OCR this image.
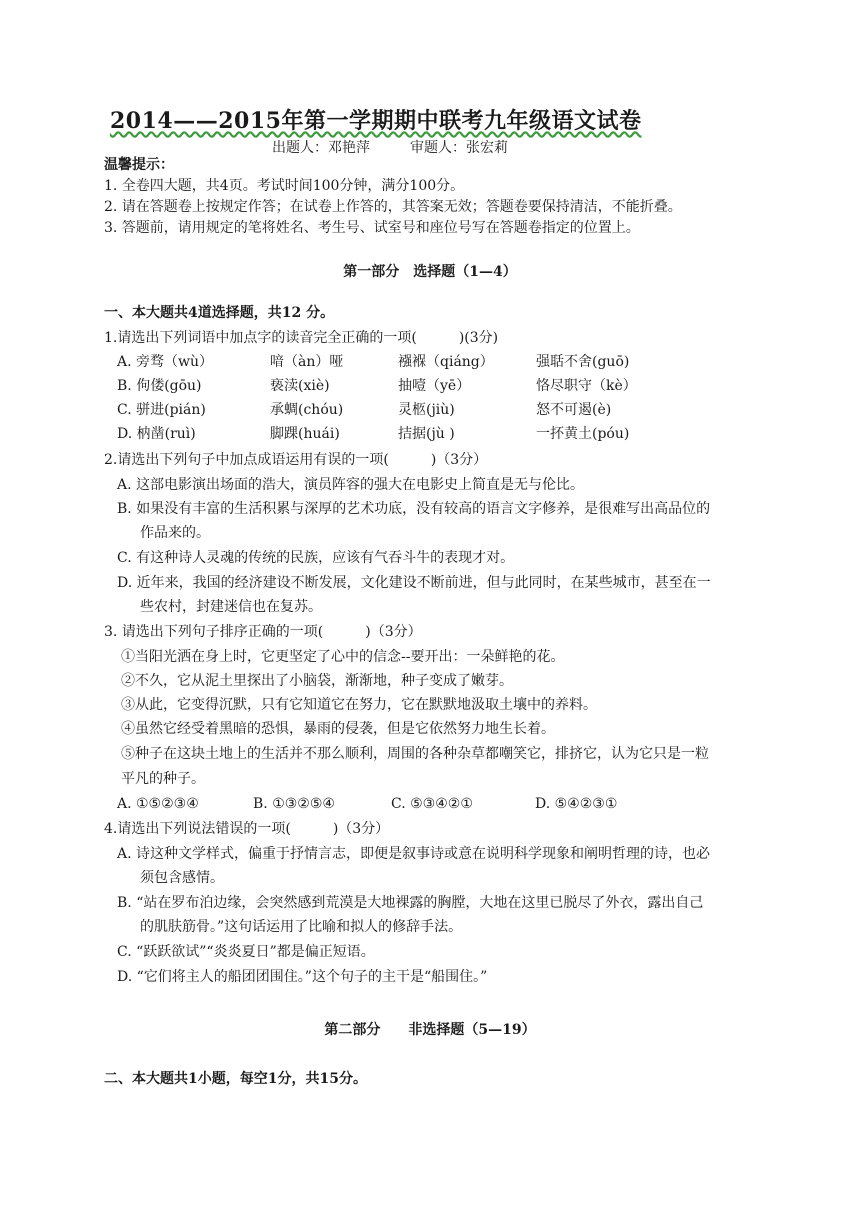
2014——2015年第一学期期中联考九年级语文试卷
出题人：邓艳萍	审题人：张宏莉
温馨提示：
1. 全卷四大题，共4页。考试时间100分钟，满分100分。
2. 请在答题卷上按规定作答；在试卷上作答的，其答案无效；答题卷要保持清洁，不能折叠。
3. 答题前，请用规定的笔将姓名、考生号、试室号和座位号写在答题卷指定的位置上。
第一部分　选择题（1—4）
一、本大题共4道选择题，共12 分。
1.请选出下列词语中加点字的读音完全正确的一项(　　　)(3分)
A. 旁骛（wù）	喑（àn）哑	襁褓（qiáng）	强聒不舍(guō)
B. 佝偻(gōu)	亵渎(xiè)	抽噎（yē）	恪尽职守（kè）
C. 骈进(pián)	承蜩(chóu)	灵柩(jiù)	怒不可遏(è)
D. 枘凿(ruì)	脚踝(huái)	拮据(jù )	一抔黄土(póu)
2.请选出下列句子中加点成语运用有误的一项(　　　)（3分）
A. 这部电影演出场面的浩大，演员阵容的强大在电影史上简直是无与伦比。
B. 如果没有丰富的生活积累与深厚的艺术功底，没有较高的语言文字修养，是很难写出高品位的
作品来的。
C. 有这种诗人灵魂的传统的民族，应该有气吞斗牛的表现才对。
D. 近年来，我国的经济建设不断发展，文化建设不断前进，但与此同时，在某些城市，甚至在一
些农村，封建迷信也在复苏。
3. 请选出下列句子排序正确的一项(　　　)（3分）
①当阳光洒在身上时，它更坚定了心中的信念--要开出：一朵鲜艳的花。
②不久，它从泥土里探出了小脑袋，渐渐地，种子变成了嫩芽。
③从此，它变得沉默，只有它知道它在努力，它在默默地汲取土壤中的养料。
④虽然它经受着黑暗的恐惧，暴雨的侵袭，但是它依然努力地生长着。
⑤种子在这块土地上的生活并不那么顺利，周围的各种杂草都嘲笑它，排挤它，认为它只是一粒
平凡的种子。
A. ①⑤②③④	B. ①③②⑤④	C. ⑤③④②①	D. ⑤④②③①
4.请选出下列说法错误的一项(　　　)（3分）
A. 诗这种文学样式，偏重于抒情言志，即便是叙事诗或意在说明科学现象和阐明哲理的诗，也必
须包含感情。
B. “站在罗布泊边缘，会突然感到荒漠是大地裸露的胸膛，大地在这里已脱尽了外衣，露出自己
的肌肤筋骨。”这句话运用了比喻和拟人的修辞手法。
C. “跃跃欲试”“炎炎夏日”都是偏正短语。
D. “它们将主人的船团团围住。”这个句子的主干是“船围住。”
第二部分　　非选择题（5—19）
二、本大题共1小题，每空1分，共15分。
